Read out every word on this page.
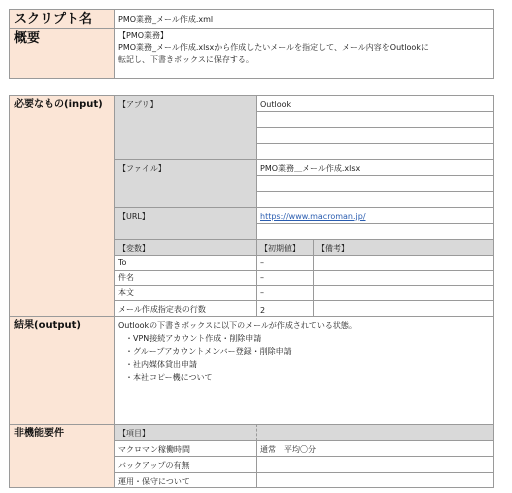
スクリプト名	PMO業務_メール作成.xml
概要	【PMO業務】
PMO業務_メール作成.xlsxから作成したいメールを指定して、メール内容をOutlookに
転記し、下書きボックスに保存する。
必要なもの(input)	【アプリ】	Outlook
【ファイル】	PMO業務＿メール作成.xlsx
【URL】	https://www.macroman.jp/
【変数】	【初期値】	【備考】
To	–
件名	–
本文	–
メール作成指定表の行数	2
結果(output)	Outlookの下書きボックスに以下のメールが作成されている状態。
・VPN接続アカウント作成・削除申請
・グループアカウントメンバー登録・削除申請
・社内媒体貸出申請
・本社コピー機について
非機能要件	【項目】
マクロマン稼働時間	通常　平均〇分
バックアップの有無
運用・保守について
